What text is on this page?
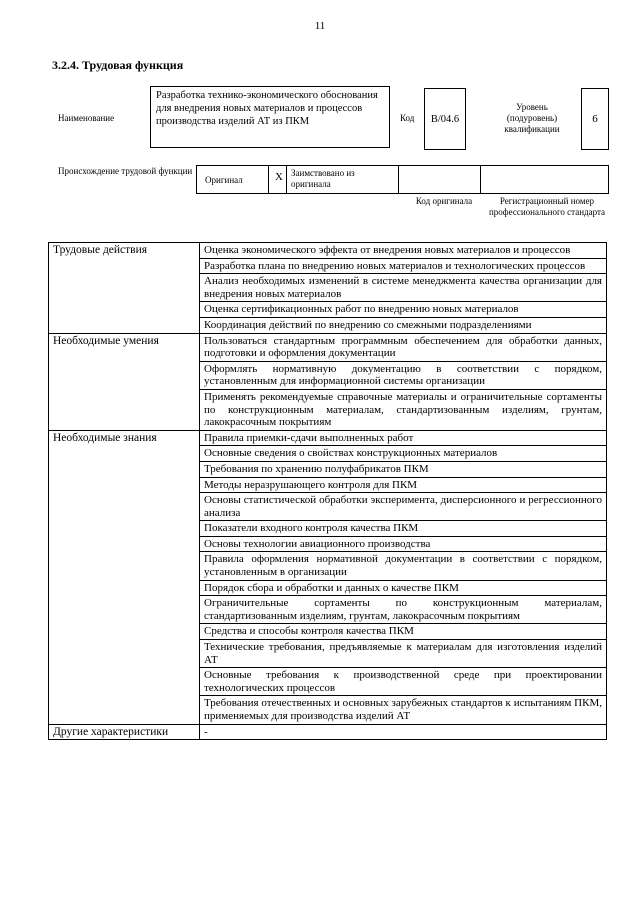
11
3.2.4. Трудовая функция
Наименование
Разработка технико-экономического обоснования для внедрения новых материалов и процессов производства изделий АТ из ПКМ	Код	B/04.6
Уровень (подуровень) квалификации
6
Происхождение трудовой функции
Оригинал	X Заимствовано из оригинала
Код оригинала	Регистрационный номер профессионального стандарта
Трудовые действия	Оценка экономического эффекта от внедрения новых материалов и процессов
	Разработка плана по внедрению новых материалов и технологических процессов
	Анализ необходимых изменений в системе менеджмента качества организации для внедрения новых материалов
	Оценка сертификационных работ по внедрению новых материалов
	Координация действий по внедрению со смежными подразделениями
Необходимые умения	Пользоваться стандартным программным обеспечением для обработки данных, подготовки и оформления документации
	Оформлять нормативную документацию в соответствии с порядком, установленным для информационной системы организации
	Применять рекомендуемые справочные материалы и ограничительные сортаменты по конструкционным материалам, стандартизованным изделиям, грунтам, лакокрасочным покрытиям
Необходимые знания	Правила приемки-сдачи выполненных работ
	Основные сведения о свойствах конструкционных материалов
	Требования по хранению полуфабрикатов ПКМ
	Методы неразрушающего контроля для ПКМ
	Основы статистической обработки эксперимента, дисперсионного и регрессионного анализа
	Показатели входного контроля качества ПКМ
	Основы технологии авиационного производства
	Правила оформления нормативной документации в соответствии с порядком, установленным в организации
	Порядок сбора и обработки и данных о качестве ПКМ
	Ограничительные сортаменты по конструкционным материалам, стандартизованным изделиям, грунтам, лакокрасочным покрытиям
	Средства и способы контроля качества ПКМ
	Технические требования, предъявляемые к материалам для изготовления изделий АТ
	Основные требования к производственной среде при проектировании технологических процессов
	Требования отечественных и основных зарубежных стандартов к испытаниям ПКМ, применяемых для производства изделий АТ
Другие характеристики	-
